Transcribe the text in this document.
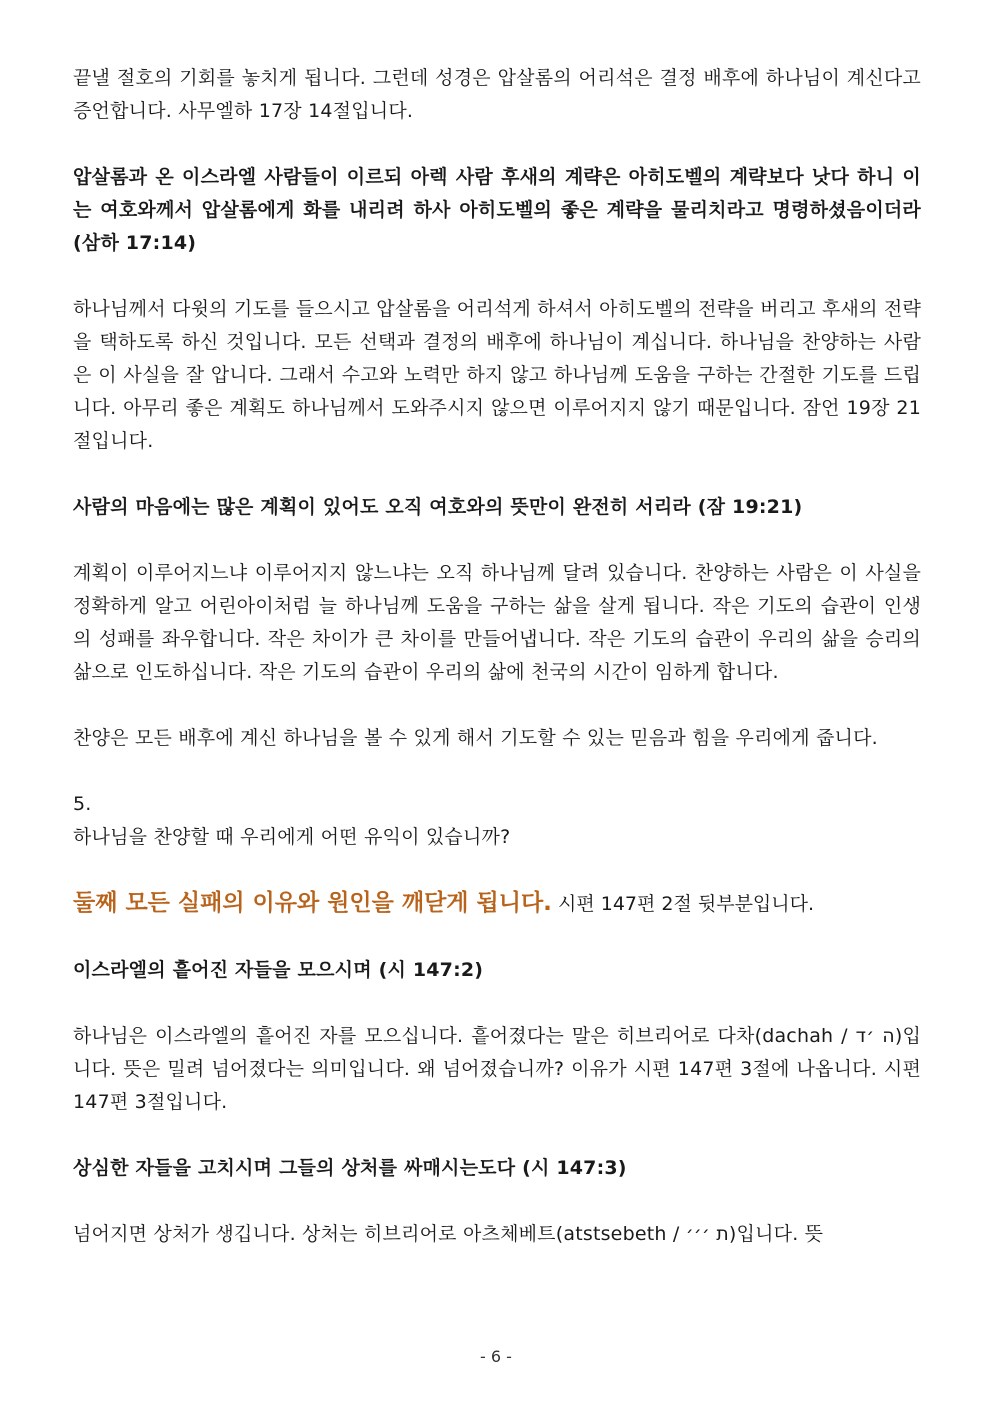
끝낼 절호의 기회를 놓치게 됩니다. 그런데 성경은 압살롬의 어리석은 결정 배후에 하나님이 계신다고 증언합니다. 사무엘하 17장 14절입니다.

압살롬과 온 이스라엘 사람들이 이르되 아렉 사람 후새의 계략은 아히도벨의 계략보다 낫다 하니 이는 여호와께서 압살롬에게 화를 내리려 하사 아히도벨의 좋은 계략을 물리치라고 명령하셨음이더라 (삼하 17:14)

하나님께서 다윗의 기도를 들으시고 압살롬을 어리석게 하셔서 아히도벨의 전략을 버리고 후새의 전략을 택하도록 하신 것입니다. 모든 선택과 결정의 배후에 하나님이 계십니다. 하나님을 찬양하는 사람은 이 사실을 잘 압니다. 그래서 수고와 노력만 하지 않고 하나님께 도움을 구하는 간절한 기도를 드립니다. 아무리 좋은 계획도 하나님께서 도와주시지 않으면 이루어지지 않기 때문입니다. 잠언 19장 21절입니다.

사람의 마음에는 많은 계획이 있어도 오직 여호와의 뜻만이 완전히 서리라 (잠 19:21)

계획이 이루어지느냐 이루어지지 않느냐는 오직 하나님께 달려 있습니다. 찬양하는 사람은 이 사실을 정확하게 알고 어린아이처럼 늘 하나님께 도움을 구하는 삶을 살게 됩니다. 작은 기도의 습관이 인생의 성패를 좌우합니다. 작은 차이가 큰 차이를 만들어냅니다. 작은 기도의 습관이 우리의 삶을 승리의 삶으로 인도하십니다. 작은 기도의 습관이 우리의 삶에 천국의 시간이 임하게 합니다.

찬양은 모든 배후에 계신 하나님을 볼 수 있게 해서 기도할 수 있는 믿음과 힘을 우리에게 줍니다.

5.

하나님을 찬양할 때 우리에게 어떤 유익이 있습니까?

둘째 모든 실패의 이유와 원인을 깨닫게 됩니다. 시편 147편 2절 뒷부분입니다.

이스라엘의 흩어진 자들을 모으시며 (시 147:2)

하나님은 이스라엘의 흩어진 자를 모으십니다. 흩어졌다는 말은 히브리어로 다차(dachah / ה ׳ד)입니다. 뜻은 밀려 넘어졌다는 의미입니다. 왜 넘어졌습니까? 이유가 시편 147편 3절에 나옵니다. 시편 147편 3절입니다.

상심한 자들을 고치시며 그들의 상처를 싸매시는도다 (시 147:3)

넘어지면 상처가 생깁니다. 상처는 히브리어로 아츠체베트(atstsebeth / ת ׳׳׳)입니다. 뜻

- 6 -
